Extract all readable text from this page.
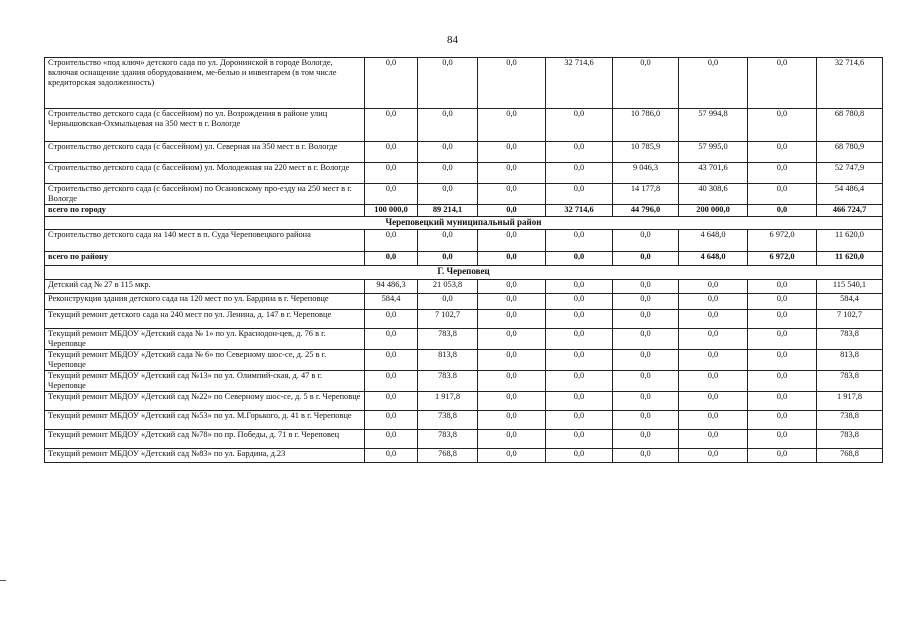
84
Строительство «под ключ» детского сада по ул. Доронинской в городе Вологде, включая оснащение здания оборудованием, ме-белью и инвентарем (в том числе кредиторская задолженность)	0,0	0,0	0,0	32 714,6	0,0	0,0	0,0	32 714,6
Строительство детского сада (с бассейном) по ул. Возрождения в районе улиц Чернышовская-Охмыльцевая на 350 мест в г. Вологде	0,0	0,0	0,0	0,0	10 786,0	57 994,8	0,0	68 780,8
Строительство детского сада (с бассейном) ул. Северная на 350 мест в г. Вологде	0,0	0,0	0,0	0,0	10 785,9	57 995,0	0,0	68 780,9
Строительство детского сада (с бассейном) ул. Молодежная на 220 мест в г. Вологде	0,0	0,0	0,0	0,0	9 046,3	43 701,6	0,0	52 747,9
Строительство детского сада (с бассейном) по Осановскому про-езду на 250 мест в г. Вологде	0,0	0,0	0,0	0,0	14 177,8	40 308,6	0,0	54 486,4
всего по городу	100 000,0	89 214,1	0,0	32 714,6	44 796,0	200 000,0	0,0	466 724,7
Череповецкий муниципальный район								
Строительство детского сада на 140 мест в п. Суда Череповецкого района	0,0	0,0	0,0	0,0	0,0	4 648,0	6 972,0	11 620,0
всего по району	0,0	0,0	0,0	0,0	0,0	4 648,0	6 972,0	11 620,0
Г. Череповец								
Детский сад № 27 в 115 мкр.	94 486,3	21 053,8	0,0	0,0	0,0	0,0	0,0	115 540,1
Реконструкция здания детского сада на 120 мест по ул. Бардина в г. Череповце	584,4	0,0	0,0	0,0	0,0	0,0	0,0	584,4
Текущий ремонт детского сада на 240 мест по ул. Ленина, д. 147 в г. Череповце	0,0	7 102,7	0,0	0,0	0,0	0,0	0,0	7 102,7
Текущий ремонт МБДОУ «Детский сада № 1» по ул. Краснодон-цев, д. 76 в г. Череповце	0,0	783,8	0,0	0,0	0,0	0,0	0,0	783,8
Текущий ремонт МБДОУ «Детский сада № 6» по Северному шос-се, д. 25 в г. Череповце	0,0	813,8	0,0	0,0	0,0	0,0	0,0	813,8
Текущий ремонт МБДОУ «Детский сад №13» по ул. Олимпий-ская, д. 47 в г. Череповце	0,0	783.8	0,0	0,0	0,0	0,0	0,0	783,8
Текущий ремонт МБДОУ «Детский сад №22» по Северному шос-се, д. 5 в г. Череповце	0,0	1 917,8	0,0	0,0	0,0	0,0	0,0	1 917,8
Текущий ремонт МБДОУ «Детский сад №53» по ул. М.Горького, д. 41 в г. Череповце	0,0	738,8	0,0	0,0	0,0	0,0	0,0	738,8
Текущий ремонт МБДОУ «Детский сад №78» по пр. Победы, д. 71 в г. Череповец	0,0	783,8	0,0	0,0	0,0	0,0	0,0	783,8
Текущий ремонт МБДОУ «Детский сад №83» по ул. Бардина, д.23	0,0	768,8	0,0	0,0	0,0	0,0	0,0	768,8
